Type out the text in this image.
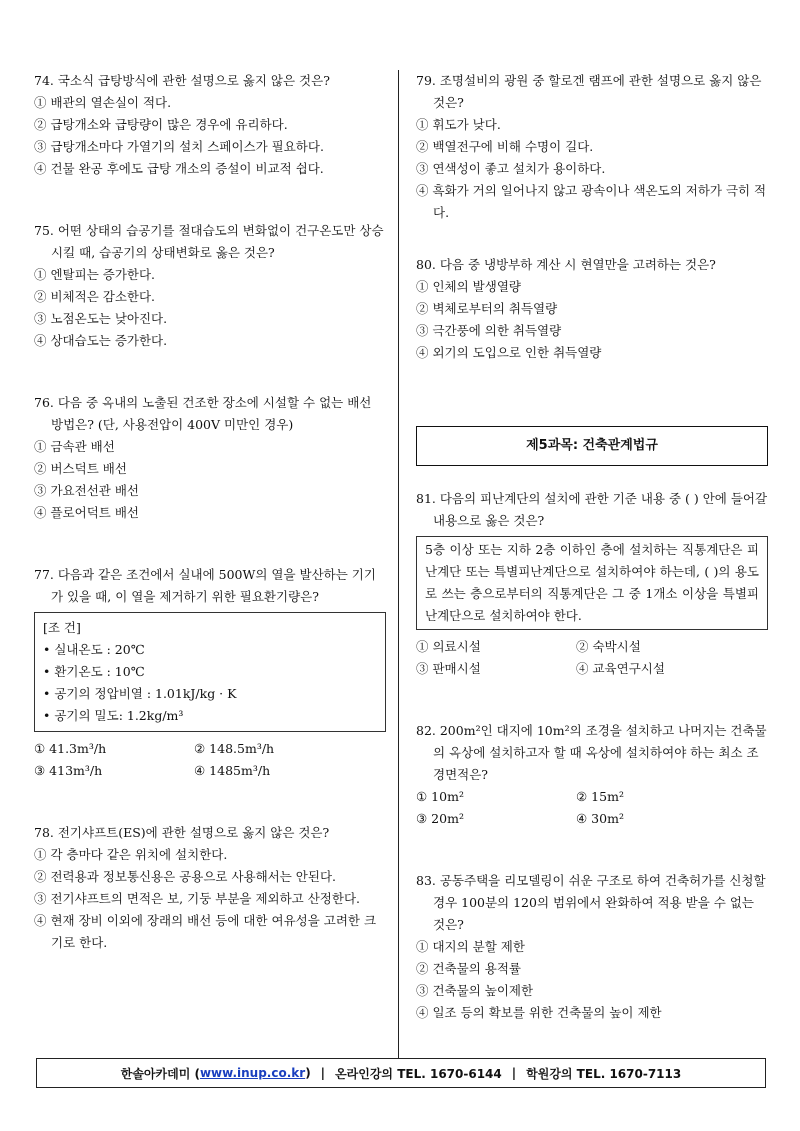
74. 국소식 급탕방식에 관한 설명으로 옳지 않은 것은?
① 배관의 열손실이 적다.
② 급탕개소와 급탕량이 많은 경우에 유리하다.
③ 급탕개소마다 가열기의 설치 스페이스가 필요하다.
④ 건물 완공 후에도 급탕 개소의 증설이 비교적 쉽다.
75. 어떤 상태의 습공기를 절대습도의 변화없이 건구온도만 상승시킬 때, 습공기의 상태변화로 옳은 것은?
① 엔탈피는 증가한다.
② 비체적은 감소한다.
③ 노점온도는 낮아진다.
④ 상대습도는 증가한다.
76. 다음 중 옥내의 노출된 건조한 장소에 시설할 수 없는 배선 방법은? (단, 사용전압이 400V 미만인 경우)
① 금속관 배선
② 버스덕트 배선
③ 가요전선관 배선
④ 플로어덕트 배선
77. 다음과 같은 조건에서 실내에 500W의 열을 발산하는 기기가 있을 때, 이 열을 제거하기 위한 필요환기량은?
[조 건]
• 실내온도 : 20℃
• 환기온도 : 10℃
• 공기의 정압비열 : 1.01kJ/kg · K
• 공기의 밀도: 1.2kg/m³
① 41.3m³/h	② 148.5m³/h
③ 413m³/h	④ 1485m³/h
78. 전기샤프트(ES)에 관한 설명으로 옳지 않은 것은?
① 각 층마다 같은 위치에 설치한다.
② 전력용과 정보통신용은 공용으로 사용해서는 안된다.
③ 전기샤프트의 면적은 보, 기둥 부분을 제외하고 산정한다.
④ 현재 장비 이외에 장래의 배선 등에 대한 여유성을 고려한 크기로 한다.
79. 조명설비의 광원 중 할로겐 램프에 관한 설명으로 옳지 않은 것은?
① 휘도가 낮다.
② 백열전구에 비해 수명이 길다.
③ 연색성이 좋고 설치가 용이하다.
④ 흑화가 거의 일어나지 않고 광속이나 색온도의 저하가 극히 적다.
80. 다음 중 냉방부하 계산 시 현열만을 고려하는 것은?
① 인체의 발생열량
② 벽체로부터의 취득열량
③ 극간풍에 의한 취득열량
④ 외기의 도입으로 인한 취득열량
제5과목: 건축관계법규
81. 다음의 피난계단의 설치에 관한 기준 내용 중 ( ) 안에 들어갈 내용으로 옳은 것은?
5층 이상 또는 지하 2층 이하인 층에 설치하는 직통계단은 피난계단 또는 특별피난계단으로 설치하여야 하는데, ( )의 용도로 쓰는 층으로부터의 직통계단은 그 중 1개소 이상을 특별피난계단으로 설치하여야 한다.
① 의료시설	② 숙박시설
③ 판매시설	④ 교육연구시설
82. 200m²인 대지에 10m²의 조경을 설치하고 나머지는 건축물의 옥상에 설치하고자 할 때 옥상에 설치하여야 하는 최소 조경면적은?
① 10m²	② 15m²
③ 20m²	④ 30m²
83. 공동주택을 리모델링이 쉬운 구조로 하여 건축허가를 신청할 경우 100분의 120의 범위에서 완화하여 적용 받을 수 없는 것은?
① 대지의 분할 제한
② 건축물의 용적률
③ 건축물의 높이제한
④ 일조 등의 확보를 위한 건축물의 높이 제한
한솔아카데미 ( www.inup.co.kr ) | 온라인강의 TEL. 1670-6144 | 학원강의 TEL. 1670-7113
